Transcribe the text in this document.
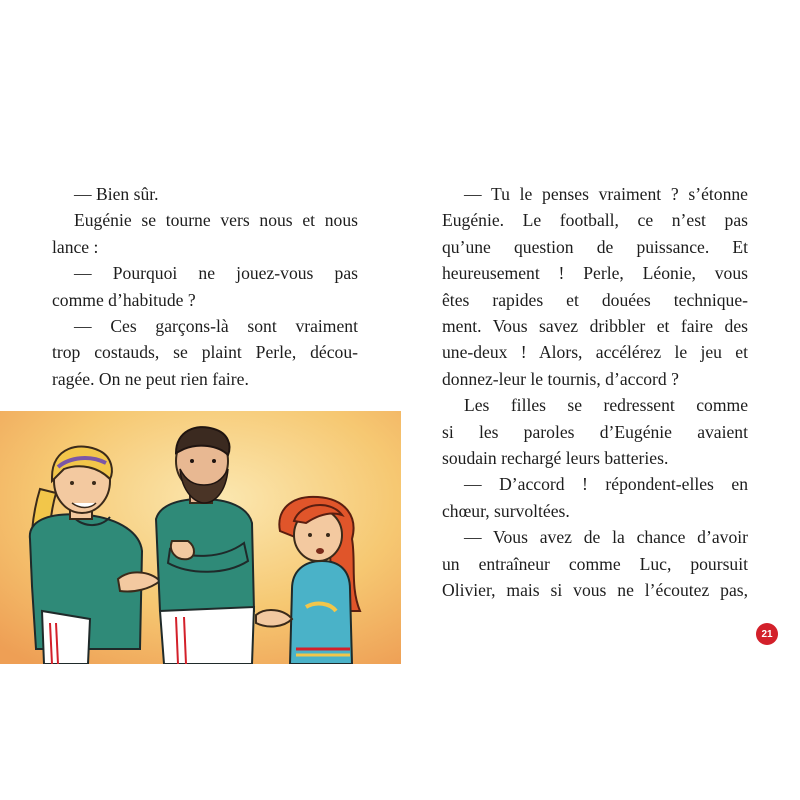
— Bien sûr.

Eugénie se tourne vers nous et nous

lance :

— Pourquoi ne jouez-vous pas

comme d’habitude ?

— Ces garçons-là sont vraiment

trop costauds, se plaint Perle, décou-

ragée. On ne peut rien faire.

— Tu le penses vraiment ? s’étonne

Eugénie. Le football, ce n’est pas

qu’une question de puissance. Et

heureusement ! Perle, Léonie, vous

êtes rapides et douées technique-

ment. Vous savez dribbler et faire des

une-deux ! Alors, accélérez le jeu et

donnez-leur le tournis, d’accord ?

Les filles se redressent comme

si les paroles d’Eugénie avaient

soudain rechargé leurs batteries.

— D’accord ! répondent-elles en

chœur, survoltées.

— Vous avez de la chance d’avoir

un entraîneur comme Luc, poursuit

Olivier, mais si vous ne l’écoutez pas,

21
